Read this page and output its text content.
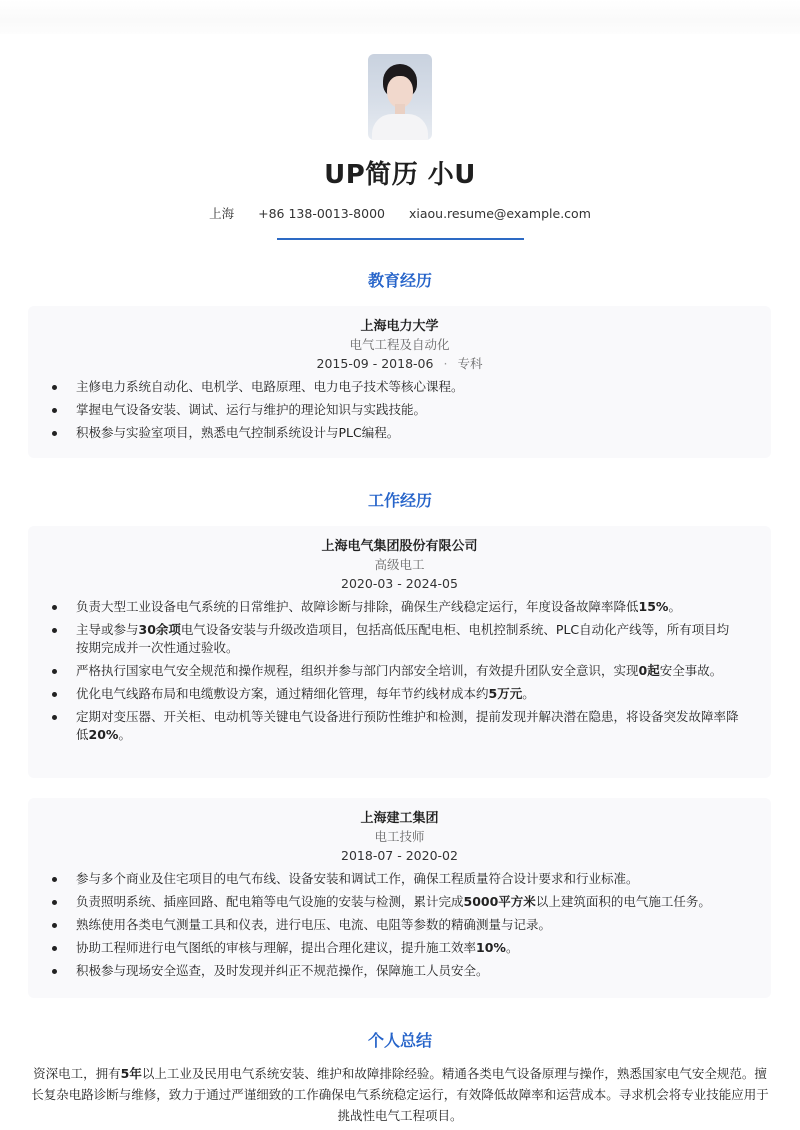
UP简历 小U
上海 +86 138-0013-8000 xiaou.resume@example.com
教育经历
上海电力大学
电气工程及自动化
2015-09 - 2018-06 · 专科
主修电力系统自动化、电机学、电路原理、电力电子技术等核心课程。
掌握电气设备安装、调试、运行与维护的理论知识与实践技能。
积极参与实验室项目，熟悉电气控制系统设计与PLC编程。
工作经历
上海电气集团股份有限公司
高级电工
2020-03 - 2024-05
负责大型工业设备电气系统的日常维护、故障诊断与排除，确保生产线稳定运行，年度设备故障率降低15%。
主导或参与30余项电气设备安装与升级改造项目，包括高低压配电柜、电机控制系统、PLC自动化产线等，所有项目均按期完成并一次性通过验收。
严格执行国家电气安全规范和操作规程，组织并参与部门内部安全培训，有效提升团队安全意识，实现0起安全事故。
优化电气线路布局和电缆敷设方案，通过精细化管理，每年节约线材成本约5万元。
定期对变压器、开关柜、电动机等关键电气设备进行预防性维护和检测，提前发现并解决潜在隐患，将设备突发故障率降低20%。
上海建工集团
电工技师
2018-07 - 2020-02
参与多个商业及住宅项目的电气布线、设备安装和调试工作，确保工程质量符合设计要求和行业标准。
负责照明系统、插座回路、配电箱等电气设施的安装与检测，累计完成5000平方米以上建筑面积的电气施工任务。
熟练使用各类电气测量工具和仪表，进行电压、电流、电阻等参数的精确测量与记录。
协助工程师进行电气图纸的审核与理解，提出合理化建议，提升施工效率10%。
积极参与现场安全巡查，及时发现并纠正不规范操作，保障施工人员安全。
个人总结
资深电工，拥有5年以上工业及民用电气系统安装、维护和故障排除经验。精通各类电气设备原理与操作，熟悉国家电气安全规范。擅长复杂电路诊断与维修，致力于通过严谨细致的工作确保电气系统稳定运行，有效降低故障率和运营成本。寻求机会将专业技能应用于挑战性电气工程项目。
